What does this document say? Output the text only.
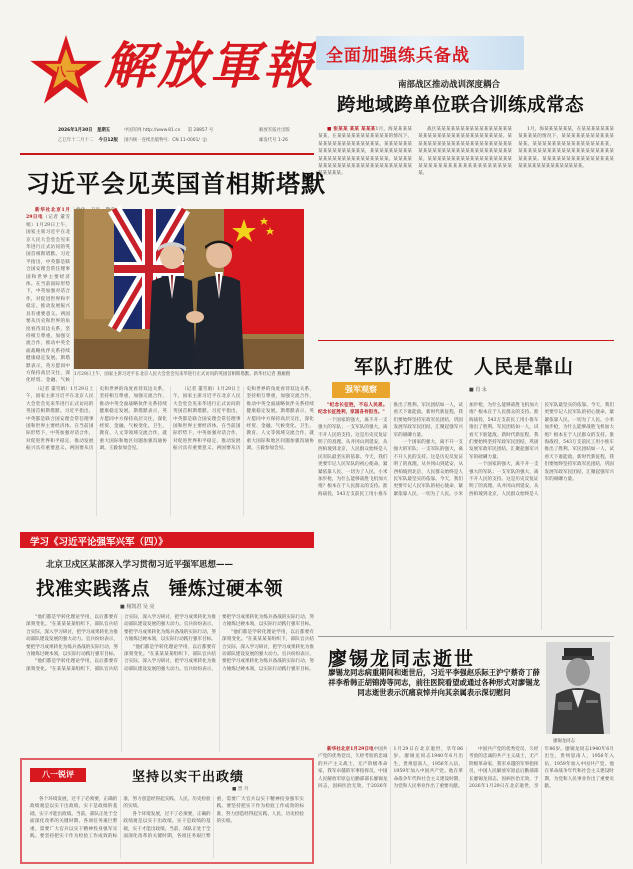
八一 解放軍報 全面加强练兵备战
南部战区推动战训深度耦合
跨地域跨单位联合训练成常态
2026年1月30日 星期五
乙巳年十二月十二 今日12版
中国军网 http://www.81.cn 第 28857 号
国内统一连续出版物号：CN 11-0001/（J）
解放军报社出版
邮发代号 1-26

■ 张某某 某某 某某某1月，海某某某某某某，在某某某某某某某某某某某的情况下，某某某某某某某某某某某某某。某某某某某某某某某某某某某某某某，某某某某某某某某某某某某某某某某某某某某某某某某。某某某某某某某某某某某某某某某某某某某某某某某某某某某某某。

战区某某某某某某某某某某某某某某某某某某某某某某某某某某某某某某某某某某。某某某某某某某某某某某某某某某某某某某某某某某某某某某某某某某某某某某某某某某某某某。某某某某某某某某某某某某某某某某某某某某某某某某某某某某某某某某某某某某某某。

1月，海某某某某某某，在某某某某某某某某某某某的情况下，某某某某某某某某某某某某某。某某某某某某某某某某某某某某某某，某某某某某某某某某某某某某某某某某某某某某某某某。某某某某某某某某某某某某某某某某某某某某某某某某某某某某某。

习近平会见英国首相斯塔默

新华社北京1月29日电（记者 董雪娟）1月29日上午，国家主席习近平在北京人民大会堂会见来华进行正式访问的英国首相斯塔默。习近平指出，中英都是联合国安理会常任理事国和世界主要经济体。在当前国际形势下，中英加强对话合作，对促进世界和平稳定、推动发展振兴具有重要意义。两国要从历史和世界的角度看待双边关系，坚持相互尊重，加强交流合作，推动中英全面战略伙伴关系持续健康稳定发展。斯塔默表示，英方愿同中方保持高层交往，深化经贸、金融、气候

1月29日上午，国家主席习近平在北京人民大会堂会见来华进行正式访问的英国首相斯塔默。新华社记者 燕雁摄

（记者 董雪娟）1月29日上午，国家主席习近平在北京人民大会堂会见来华进行正式访问的英国首相斯塔默。习近平指出，中英都是联合国安理会常任理事国和世界主要经济体。在当前国际形势下，中英加强对话合作，对促进世界和平稳定、推动发展振兴具有重要意义。两国要从历史和世界的角度看待双边关系，坚持相互尊重，加强交流合作，推动中英全面战略伙伴关系持续健康稳定发展。斯塔默表示，英方愿同中方保持高层交往，深化经贸、金融、气候变化、卫生、教育、人文等领域交流合作，就重大国际和地区问题加强沟通协调。王毅参加会见。

（记者 董雪娟）1月29日上午，国家主席习近平在北京人民大会堂会见来华进行正式访问的英国首相斯塔默。习近平指出，中英都是联合国安理会常任理事国和世界主要经济体。在当前国际形势下，中英加强对话合作，对促进世界和平稳定、推动发展振兴具有重要意义。两国要从历史和世界的角度看待双边关系，坚持相互尊重，加强交流合作，推动中英全面战略伙伴关系持续健康稳定发展。斯塔默表示，英方愿同中方保持高层交往，深化经贸、金融、气候变化、卫生、教育、人文等领域交流合作，就重大国际和地区问题加强沟通协调。王毅参加会见。

军队打胜仗　人民是靠山
■ 肖 永
强军观察

"纪念长征胜，不忘人民恩。纪念长征胜利，家国各有担当。"

一个国家的强大，离不开一支强大的军队；一支军队的强大，离不开人民的支持。这是历史反复证明了的真理。从井冈山到延安，从西柏坡到北京，人民群众始终是人民军队最坚实的依靠。今天，我们更要牢记人民军队的初心使命，紧紧依靠人民、一切为了人民。小米加步枪，为什么能够战胜飞机加大炮？根本在于人民群众的支持。淮海战役，543万支前民工用小推车推出了胜利。军民团结如一人，试看天下谁能敌。新时代新征程，我们要始终坚持军政军民团结，巩固发展军政军民团结，汇聚起强军兴军的磅礴力量。

一个国家的强大，离不开一支强大的军队；一支军队的强大，离不开人民的支持。这是历史反复证明了的真理。从井冈山到延安，从西柏坡到北京，人民群众始终是人民军队最坚实的依靠。今天，我们更要牢记人民军队的初心使命，紧紧依靠人民、一切为了人民。小米加步枪，为什么能够战胜飞机加大炮？根本在于人民群众的支持。淮海战役，543万支前民工用小推车推出了胜利。军民团结如一人，试看天下谁能敌。新时代新征程，我们要始终坚持军政军民团结，巩固发展军政军民团结，汇聚起强军兴军的磅礴力量。

一个国家的强大，离不开一支强大的军队；一支军队的强大，离不开人民的支持。这是历史反复证明了的真理。从井冈山到延安，从西柏坡到北京，人民群众始终是人民军队最坚实的依靠。今天，我们更要牢记人民军队的初心使命，紧紧依靠人民、一切为了人民。小米加步枪，为什么能够战胜飞机加大炮？根本在于人民群众的支持。淮海战役，543万支前民工用小推车推出了胜利。军民团结如一人，试看天下谁能敌。新时代新征程，我们要始终坚持军政军民团结，巩固发展军政军民团结，汇聚起强军兴军的磅礴力量。

学习《习近平论强军兴军（四）》
北京卫戍区某部深入学习贯彻习近平强军思想——
找准实践落点　锤炼过硬本领
■ 杨凯君 吴 亮

"他们都是学转化理论学用，以后都要有深刻变化。"在某某某某组织下，部队官兵结合实际，深入学习研讨，把学习成果转化为推动部队建设发展的强大动力。官兵纷纷表示，要把学习成果转化为练兵备战的实际行动，努力锤炼过硬本领，以实际行动践行强军目标。

"他们都是学转化理论学用，以后都要有深刻变化。"在某某某某组织下，部队官兵结合实际，深入学习研讨，把学习成果转化为推动部队建设发展的强大动力。官兵纷纷表示，要把学习成果转化为练兵备战的实际行动，努力锤炼过硬本领，以实际行动践行强军目标。

"他们都是学转化理论学用，以后都要有深刻变化。"在某某某某组织下，部队官兵结合实际，深入学习研讨，把学习成果转化为推动部队建设发展的强大动力。官兵纷纷表示，要把学习成果转化为练兵备战的实际行动，努力锤炼过硬本领，以实际行动践行强军目标。

"他们都是学转化理论学用，以后都要有深刻变化。"在某某某某组织下，部队官兵结合实际，深入学习研讨，把学习成果转化为推动部队建设发展的强大动力。官兵纷纷表示，要把学习成果转化为练兵备战的实际行动，努力锤炼过硬本领，以实际行动践行强军目标。

八一锐评	坚持以实干出政绩
■ 晋 月

各个环境发展，过不了必须要，正确的政绩观是以实干出政绩。实干是政绩的基础，实干才能出政绩。当前，部队正处于全面深化改革的关键时期，各项任务艰巨繁重，需要广大官兵以实干精神投身强军实践。要坚持把实干作为检验工作成效的标准，努力创造经得起实践、人民、历史检验的实绩。

各个环境发展，过不了必须要，正确的政绩观是以实干出政绩。实干是政绩的基础，实干才能出政绩。当前，部队正处于全面深化改革的关键时期，各项任务艰巨繁重，需要广大官兵以实干精神投身强军实践。要坚持把实干作为检验工作成效的标准，努力创造经得起实践、人民、历史检验的实绩。

廖锡龙同志逝世
廖锡龙同志病重期间和逝世后，习近平李强赵乐际王沪宁蔡奇丁薛祥李希韩正胡锦涛等同志，前往医院看望或通过各种形式对廖锡龙同志逝世表示沉痛哀悼并向其亲属表示深切慰问
廖锡龙同志

新华社北京1月29日电中国共产党的优秀党员，久经考验的忠诚的共产主义战士，无产阶级革命家，我军卓越的军事指挥员，中国人民解放军原总后勤部部长廖锡龙同志，因病医治无效，于2026年1月29日在北京逝世，享年86岁。廖锡龙同志1940年6月出生，贵州思南人，1956年入伍，1959年加入中国共产党。他在革命战争年代和社会主义建设时期，为党和人民事业作出了重要贡献。

中国共产党的优秀党员，久经考验的忠诚的共产主义战士，无产阶级革命家，我军卓越的军事指挥员，中国人民解放军原总后勤部部长廖锡龙同志，因病医治无效，于2026年1月29日在北京逝世，享年86岁。廖锡龙同志1940年6月出生，贵州思南人，1956年入伍，1959年加入中国共产党。他在革命战争年代和社会主义建设时期，为党和人民事业作出了重要贡献。
